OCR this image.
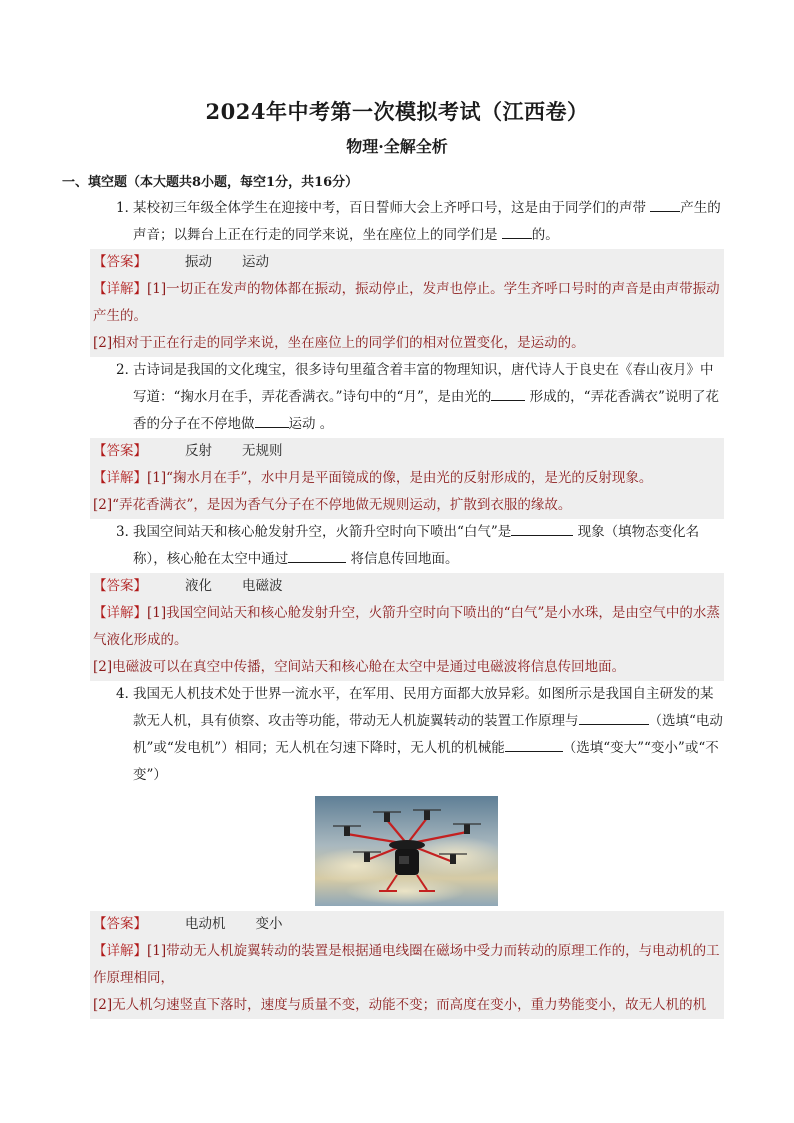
2024年中考第一次模拟考试（江西卷）
物理·全解全析
一、填空题（本大题共8小题，每空1分，共16分）
1．
某校初三年级全体学生在迎接中考，百日誓师大会上齐呼口号，这是由于同学们的声带 产生的声音；以舞台上正在行走的同学来说，坐在座位上的同学们是 的。
【答案】	振动 运动
【详解】[1]一切正在发声的物体都在振动，振动停止，发声也停止。学生齐呼口号时的声音是由声带振动产生的。
[2]相对于正在行走的同学来说，坐在座位上的同学们的相对位置变化，是运动的。
2．
古诗词是我国的文化瑰宝，很多诗句里蕴含着丰富的物理知识，唐代诗人于良史在《春山夜月》中写道：“掬水月在手，弄花香满衣。”诗句中的“月”，是由光的	形成的，“弄花香满衣”说明了花香的分子在不停地做	运动 。
【答案】	反射 无规则
【详解】[1]“掬水月在手”，水中月是平面镜成的像，是由光的反射形成的，是光的反射现象。
[2]“弄花香满衣”，是因为香气分子在不停地做无规则运动，扩散到衣服的缘故。
3．
我国空间站天和核心舱发射升空，火箭升空时向下喷出“白气”是	现象（填物态变化名称），核心舱在太空中通过	将信息传回地面。
【答案】	液化 电磁波
【详解】[1]我国空间站天和核心舱发射升空，火箭升空时向下喷出的“白气”是小水珠，是由空气中的水蒸气液化形成的。
[2]电磁波可以在真空中传播，空间站天和核心舱在太空中是通过电磁波将信息传回地面。
4．
我国无人机技术处于世界一流水平，在军用、民用方面都大放异彩。如图所示是我国自主研发的某款无人机，具有侦察、攻击等功能，带动无人机旋翼转动的装置工作原理与	（选填“电动机”或“发电机”）相同；无人机在匀速下降时，无人机的机械能	（选填“变大”“变小”或“不变”）
【答案】	电动机 变小
【详解】[1]带动无人机旋翼转动的装置是根据通电线圈在磁场中受力而转动的原理工作的，与电动机的工作原理相同，
[2]无人机匀速竖直下落时，速度与质量不变，动能不变；而高度在变小，重力势能变小，故无人机的机
